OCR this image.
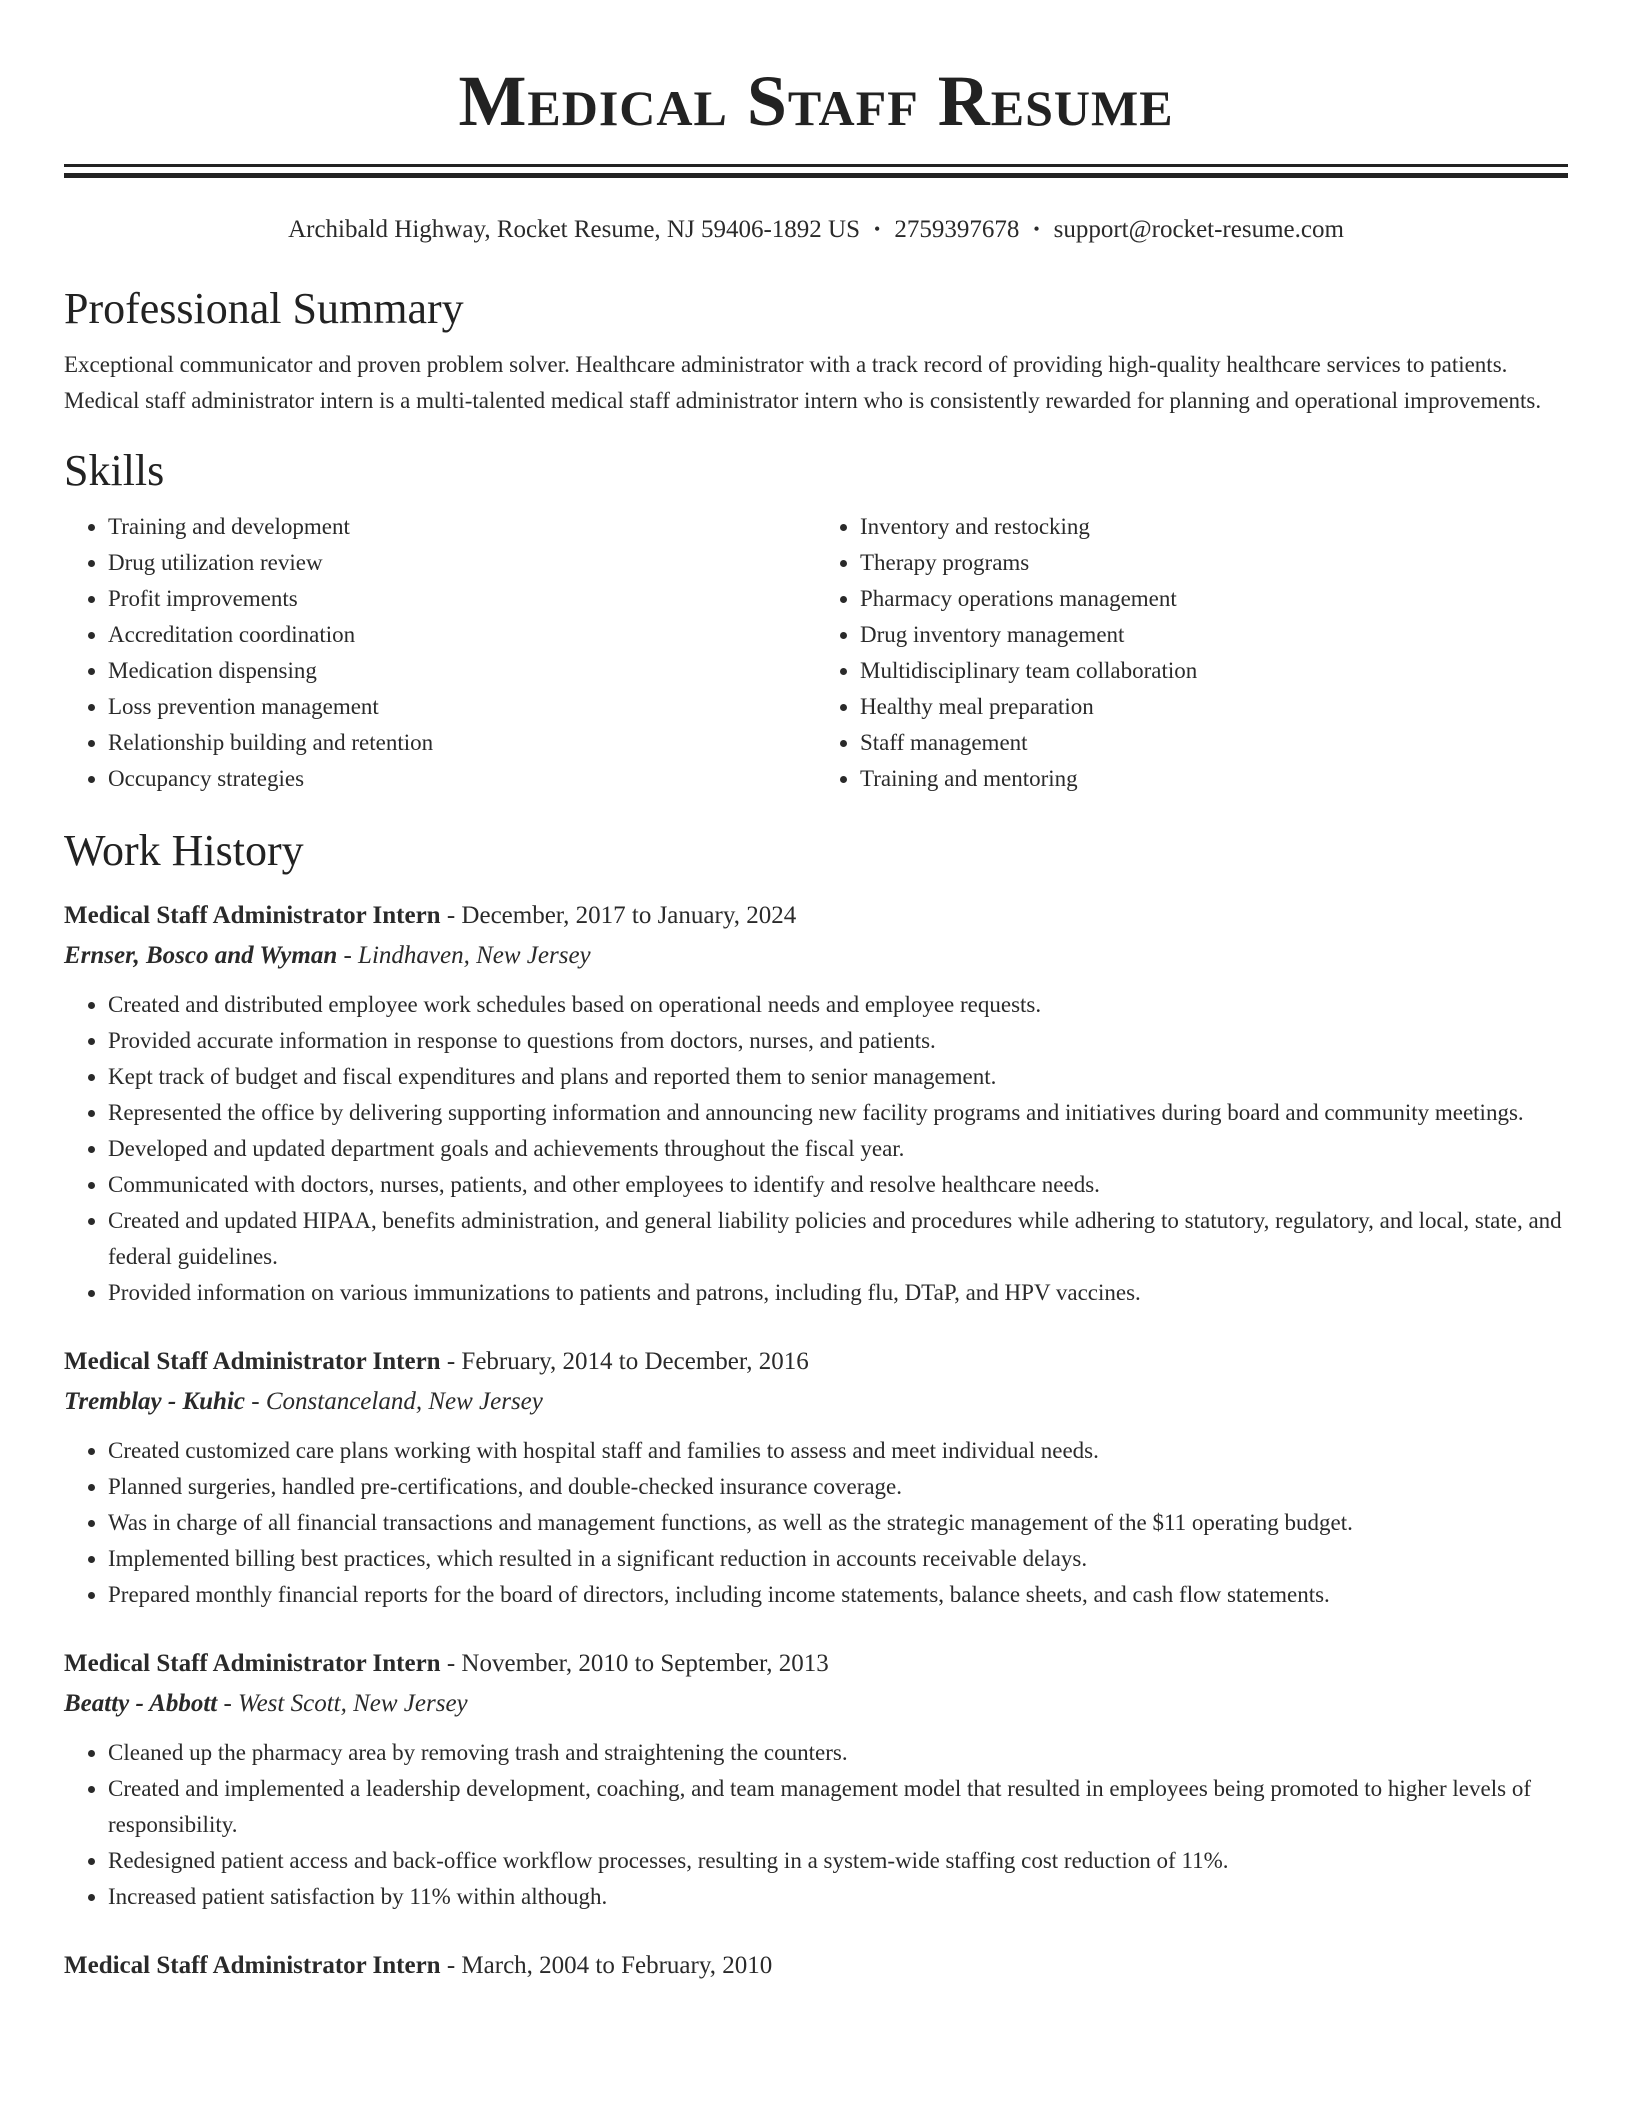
Medical Staff Resume
Archibald Highway, Rocket Resume, NJ 59406-1892 US • 2759397678 • support@rocket-resume.com
Professional Summary

Exceptional communicator and proven problem solver. Healthcare administrator with a track record of providing high-quality healthcare services to patients. Medical staff administrator intern is a multi-talented medical staff administrator intern who is consistently rewarded for planning and operational improvements.

Skills
• Training and development
• Drug utilization review
• Profit improvements
• Accreditation coordination
• Medication dispensing
• Loss prevention management
• Relationship building and retention
• Occupancy strategies
• Inventory and restocking
• Therapy programs
• Pharmacy operations management
• Drug inventory management
• Multidisciplinary team collaboration
• Healthy meal preparation
• Staff management
• Training and mentoring
Work History
Medical Staff Administrator Intern - December, 2017 to January, 2024
Ernser, Bosco and Wyman - Lindhaven, New Jersey
• Created and distributed employee work schedules based on operational needs and employee requests.
• Provided accurate information in response to questions from doctors, nurses, and patients.
• Kept track of budget and fiscal expenditures and plans and reported them to senior management.
• Represented the office by delivering supporting information and announcing new facility programs and initiatives during board and community meetings.
• Developed and updated department goals and achievements throughout the fiscal year.
• Communicated with doctors, nurses, patients, and other employees to identify and resolve healthcare needs.
• Created and updated HIPAA, benefits administration, and general liability policies and procedures while adhering to statutory, regulatory, and local, state, and federal guidelines.
• Provided information on various immunizations to patients and patrons, including flu, DTaP, and HPV vaccines.
Medical Staff Administrator Intern - February, 2014 to December, 2016
Tremblay - Kuhic - Constanceland, New Jersey
• Created customized care plans working with hospital staff and families to assess and meet individual needs.
• Planned surgeries, handled pre-certifications, and double-checked insurance coverage.
• Was in charge of all financial transactions and management functions, as well as the strategic management of the $11 operating budget.
• Implemented billing best practices, which resulted in a significant reduction in accounts receivable delays.
• Prepared monthly financial reports for the board of directors, including income statements, balance sheets, and cash flow statements.
Medical Staff Administrator Intern - November, 2010 to September, 2013
Beatty - Abbott - West Scott, New Jersey
• Cleaned up the pharmacy area by removing trash and straightening the counters.
• Created and implemented a leadership development, coaching, and team management model that resulted in employees being promoted to higher levels of responsibility.
• Redesigned patient access and back-office workflow processes, resulting in a system-wide staffing cost reduction of 11%.
• Increased patient satisfaction by 11% within although.
Medical Staff Administrator Intern - March, 2004 to February, 2010
